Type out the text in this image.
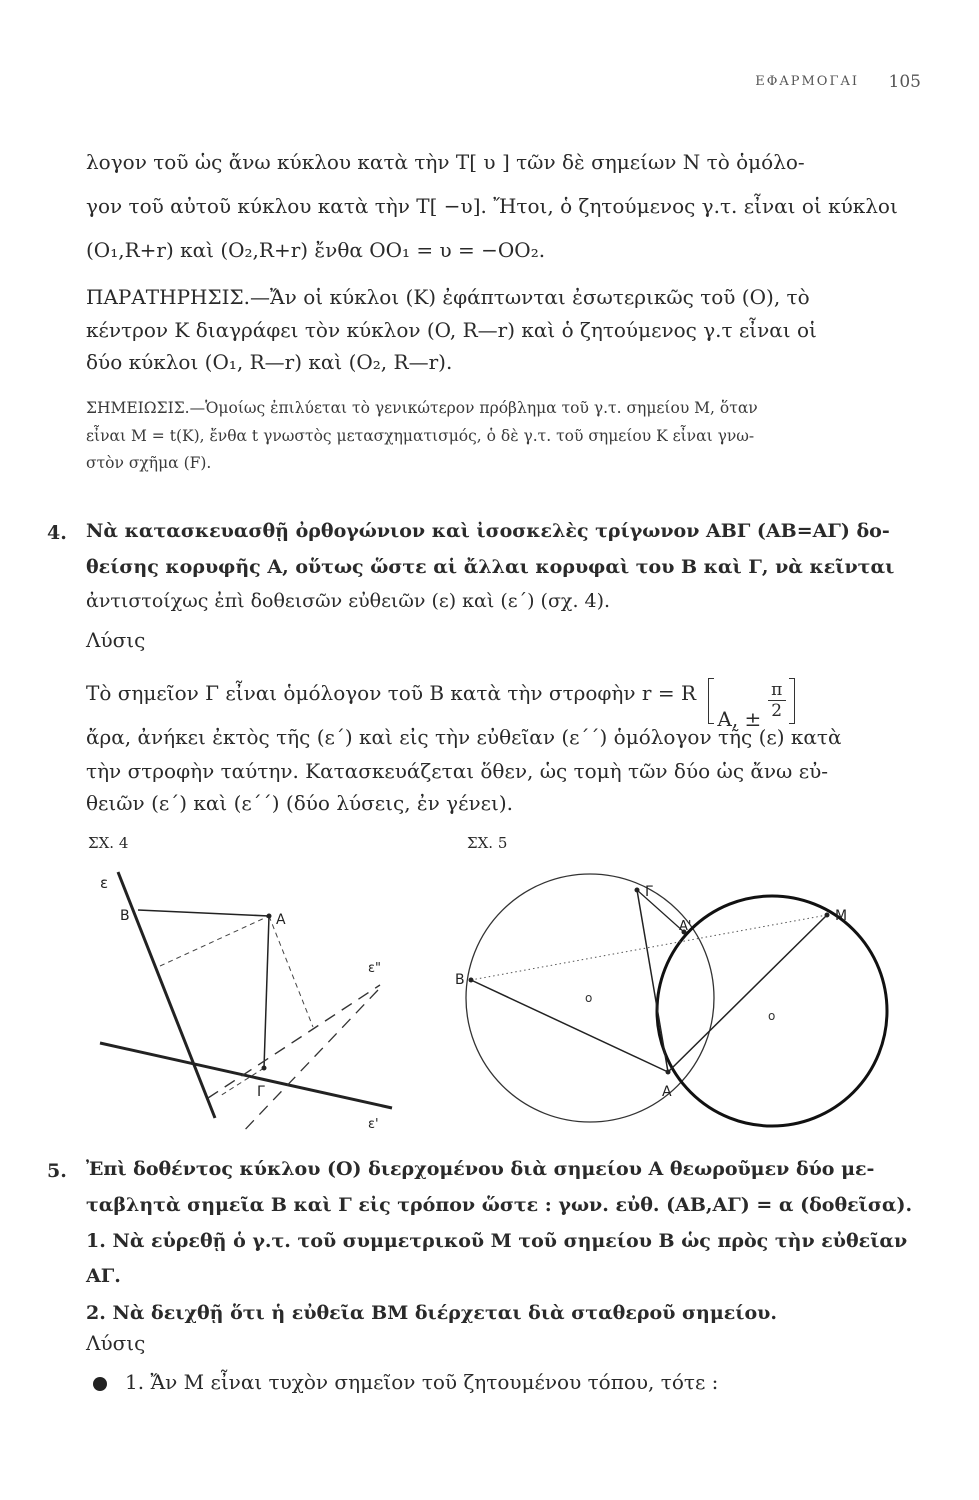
ΕΦΑΡΜΟΓΑΙ 105
λογον τοῦ ὡς ἄνω κύκλου κατὰ τὴν T[ υ ] τῶν δὲ σημείων N τὸ ὁμόλο-
γον τοῦ αὐτοῦ κύκλου κατὰ τὴν T[ −υ]. Ἤτοι, ὁ ζητούμενος γ.τ. εἶναι οἱ κύκλοι
(O₁,R+r) καὶ (O₂,R+r) ἔνθα OO₁ = υ = −OO₂.
ΠΑΡΑΤΗΡΗΣΙΣ.—Ἄν οἱ κύκλοι (K) ἐφάπτωνται ἐσωτερικῶς τοῦ (O), τὸ
κέντρον K διαγράφει τὸν κύκλον (O, R—r) καὶ ὁ ζητούμενος γ.τ εἶναι οἱ
δύο κύκλοι (O₁, R—r) καὶ (O₂, R—r).
ΣΗΜΕΙΩΣΙΣ.—Ὁμοίως ἐπιλύεται τὸ γενικώτερον πρόβλημα τοῦ γ.τ. σημείου M, ὅταν
εἶναι M = t(K), ἔνθα t γνωστὸς μετασχηματισμός, ὁ δὲ γ.τ. τοῦ σημείου K εἶναι γνω-
στὸν σχῆμα (F).
4. Νὰ κατασκευασθῇ ὀρθογώνιον καὶ ἰσοσκελὲς τρίγωνον ΑΒΓ (ΑΒ=ΑΓ) δο-
θείσης κορυφῆς Α, οὕτως ὥστε αἱ ἄλλαι κορυφαὶ του Β καὶ Γ, νὰ κεῖνται
ἀντιστοίχως ἐπὶ δοθεισῶν εὐθειῶν (ε) καὶ (ε΄) (σχ. 4).
Λύσις
Τὸ σημεῖον Γ εἶναι ὁμόλογον τοῦ Β κατὰ τὴν στροφὴν r = R
A, ± $\frac{\pi}{2}$
ἄρα, ἀνήκει ἐκτὸς τῆς (ε΄) καὶ εἰς τὴν εὐθεῖαν (ε΄΄) ὁμόλογον τῆς (ε) κατὰ
τὴν στροφὴν ταύτην. Κατασκευάζεται ὅθεν, ὡς τομὴ τῶν δύο ὡς ἄνω εὐ-
θειῶν (ε΄) καὶ (ε΄΄) (δύο λύσεις, ἐν γένει).
ΣΧ. 4	ΣΧ. 5
ε
Β	Α
ε"
Γ
ε'
Γ
Μ
Α'
Β
o
o
Α
5. Ἐπὶ δοθέντος κύκλου (Ο) διερχομένου διὰ σημείου Α θεωροῦμεν δύο με-
ταβλητὰ σημεῖα Β καὶ Γ εἰς τρόπον ὥστε : γων. εὐθ. (ΑΒ,ΑΓ) = α (δοθεῖσα).
1. Νὰ εὑρεθῇ ὁ γ.τ. τοῦ συμμετρικοῦ Μ τοῦ σημείου Β ὡς πρὸς τὴν εὐθεῖαν
ΑΓ.
2. Νὰ δειχθῇ ὅτι ἡ εὐθεῖα ΒΜ διέρχεται διὰ σταθεροῦ σημείου.
Λύσις
1. Ἄν Μ εἶναι τυχὸν σημεῖον τοῦ ζητουμένου τόπου, τότε :
